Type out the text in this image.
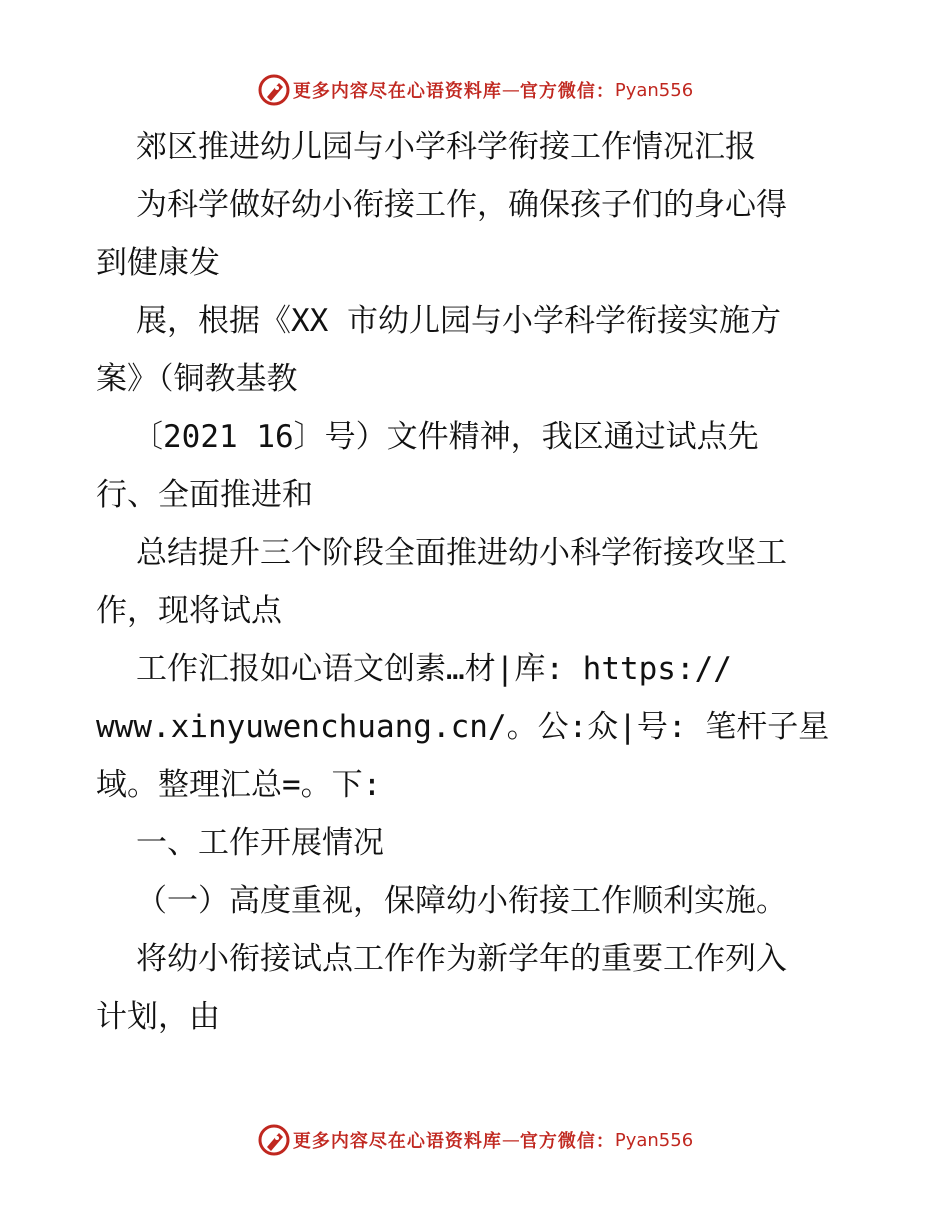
更多内容尽在心语资料库 — 官方微信： Pyan556
郊区推进幼儿园与小学科学衔接工作情况汇报
为科学做好幼小衔接工作，确保孩子们的身心得
到健康发
展，根据《XX 市幼儿园与小学科学衔接实施方
案》（铜教基教
〔2021 16〕号）文件精神，我区通过试点先
行、全面推进和
总结提升三个阶段全面推进幼小科学衔接攻坚工
作，现将试点
工作汇报如心语文创素…材|库: https://
www.xinyuwenchuang.cn/。公:众|号: 笔杆子星
域。整理汇总=。下:
一、工作开展情况
（一）高度重视，保障幼小衔接工作顺利实施。
将幼小衔接试点工作作为新学年的重要工作列入
计划，由
更多内容尽在心语资料库 — 官方微信： Pyan556
